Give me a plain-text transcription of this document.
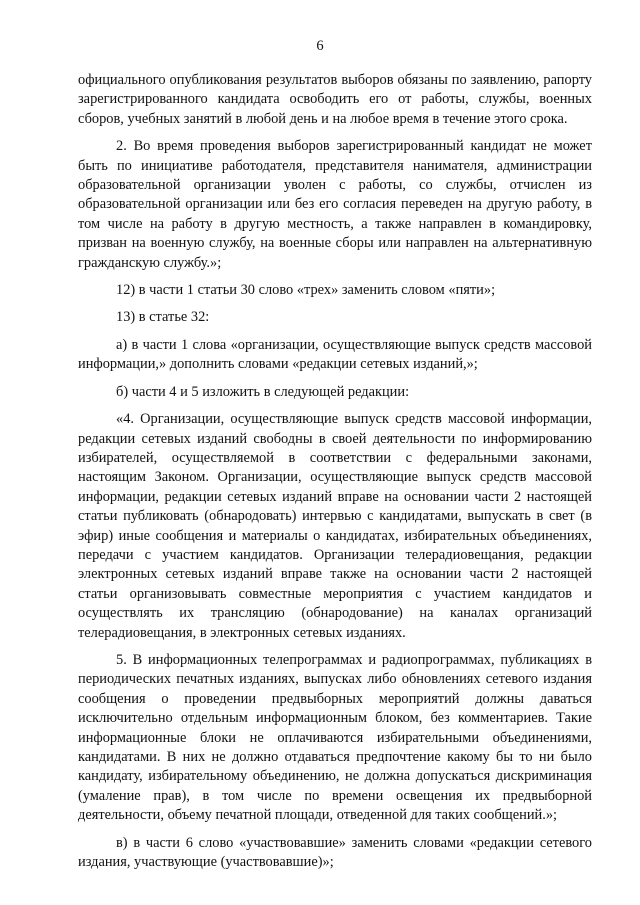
6

официального опубликования результатов выборов обязаны по заявлению, рапорту зарегистрированного кандидата освободить его от работы, службы, военных сборов, учебных занятий в любой день и на любое время в течение этого срока.

2. Во время проведения выборов зарегистрированный кандидат не может быть по инициативе работодателя, представителя нанимателя, администрации образовательной организации уволен с работы, со службы, отчислен из образовательной организации или без его согласия переведен на другую работу, в том числе на работу в другую местность, а также направлен в командировку, призван на военную службу, на военные сборы или направлен на альтернативную гражданскую службу.»;

12) в части 1 статьи 30 слово «трех» заменить словом «пяти»;

13) в статье 32:

а) в части 1 слова «организации, осуществляющие выпуск средств массовой информации,» дополнить словами «редакции сетевых изданий,»;

б) части 4 и 5 изложить в следующей редакции:

«4. Организации, осуществляющие выпуск средств массовой информации, редакции сетевых изданий свободны в своей деятельности по информированию избирателей, осуществляемой в соответствии с федеральными законами, настоящим Законом. Организации, осуществляющие выпуск средств массовой информации, редакции сетевых изданий вправе на основании части 2 настоящей статьи публиковать (обнародовать) интервью с кандидатами, выпускать в свет (в эфир) иные сообщения и материалы о кандидатах, избирательных объединениях, передачи с участием кандидатов. Организации телерадиовещания, редакции электронных сетевых изданий вправе также на основании части 2 настоящей статьи организовывать совместные мероприятия с участием кандидатов и осуществлять их трансляцию (обнародование) на каналах организаций телерадиовещания, в электронных сетевых изданиях.

5. В информационных телепрограммах и радиопрограммах, публикациях в периодических печатных изданиях, выпусках либо обновлениях сетевого издания сообщения о проведении предвыборных мероприятий должны даваться исключительно отдельным информационным блоком, без комментариев. Такие информационные блоки не оплачиваются избирательными объединениями, кандидатами. В них не должно отдаваться предпочтение какому бы то ни было кандидату, избирательному объединению, не должна допускаться дискриминация (умаление прав), в том числе по времени освещения их предвыборной деятельности, объему печатной площади, отведенной для таких сообщений.»;

в) в части 6 слово «участвовавшие» заменить словами «редакции сетевого издания, участвующие (участвовавшие)»;
